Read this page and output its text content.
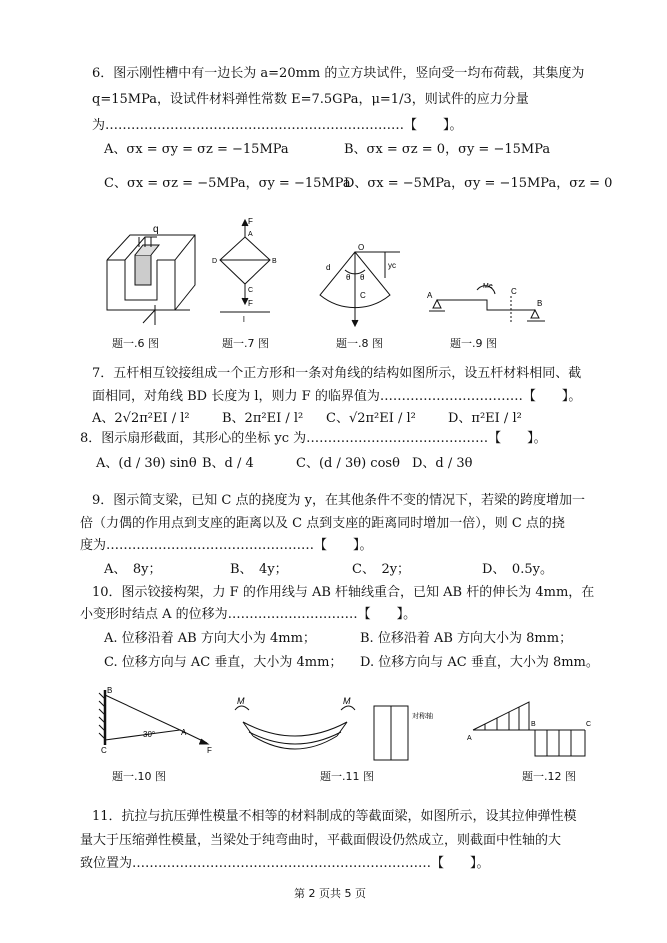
6．图示刚性槽中有一边长为 a=20mm 的立方块试件，竖向受一均布荷载，其集度为
q=15MPa，设试件材料弹性常数 E=7.5GPa，μ=1/3，则试件的应力分量
为……………………………………………………………【　　】。
A、σx = σy = σz = −15MPa	B、σx = σz = 0，σy = −15MPa
C、σx = σz = −5MPa，σy = −15MPa
D、σx = −5MPa，σy = −15MPa，σz = 0
q
题一.6 图
F
F
D	B
A
C
l
题一.7 图
O
θ θ
yc
C
d
题一.8 图
A
B
C
Me
题一.9 图
7．五杆相互铰接组成一个正方形和一条对角线的结构如图所示，设五杆材料相同、截
面相同，对角线 BD 长度为 l，则力 F 的临界值为……………………………【　　】。
A、2√2π²EI / l² B、2π²EI / l² C、√2π²EI / l² D、π²EI / l²
8．图示扇形截面，其形心的坐标 yc 为……………………………………【　　】。
A、(d / 3θ) sinθ B、d / 4	C、(d / 3θ) cosθ D、d / 3θ
9．图示简支梁，已知 C 点的挠度为 y，在其他条件不变的情况下，若梁的跨度增加一
倍（力偶的作用点到支座的距离以及 C 点到支座的距离同时增加一倍），则 C 点的挠
度为…………………………………………【　　】。
A、　8y；	B、　4y；	C、　2y；	D、　0.5y。
10．图示铰接构架，力 F 的作用线与 AB 杆轴线重合，已知 AB 杆的伸长为 4mm，在
小变形时结点 A 的位移为…………………………【　　】。
A. 位移沿着 AB 方向大小为 4mm；	B. 位移沿着 AB 方向大小为 8mm；
C. 位移方向与 AC 垂直，大小为 4mm； D. 位移方向与 AC 垂直，大小为 8mm。
B
C
A
F
30°
题一.10 图
M	M
题一.11 图
对称轴
A
B	C
题一.12 图
11．抗拉与抗压弹性模量不相等的材料制成的等截面梁，如图所示，设其拉伸弹性模
量大于压缩弹性模量，当梁处于纯弯曲时，平截面假设仍然成立，则截面中性轴的大
致位置为……………………………………………………………【　　】。
第 2 页共 5 页
